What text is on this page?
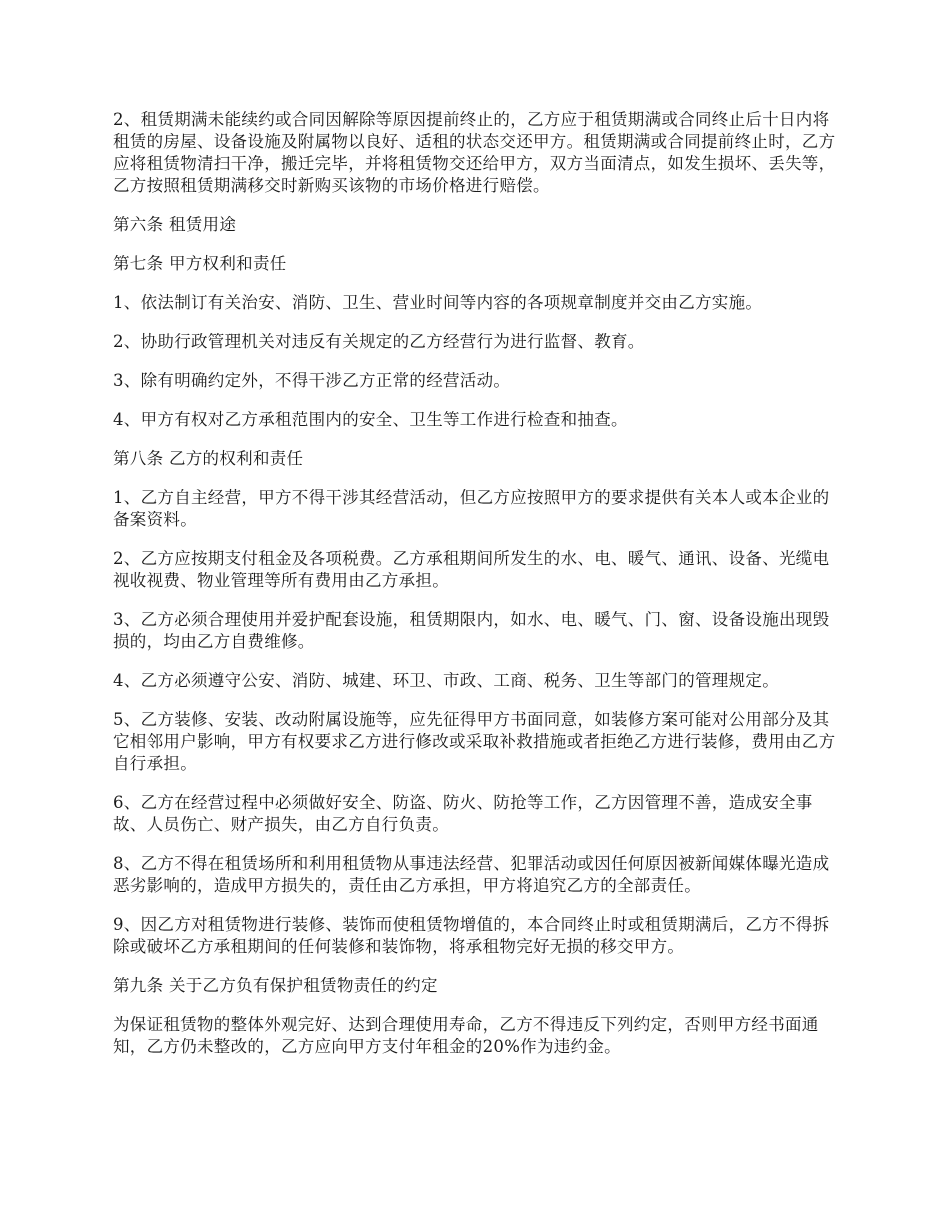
2、租赁期满未能续约或合同因解除等原因提前终止的，乙方应于租赁期满或合同终止后十日内将租赁的房屋、设备设施及附属物以良好、适租的状态交还甲方。租赁期满或合同提前终止时，乙方应将租赁物清扫干净，搬迁完毕，并将租赁物交还给甲方，双方当面清点，如发生损坏、丢失等，乙方按照租赁期满移交时新购买该物的市场价格进行赔偿。

第六条 租赁用途

第七条 甲方权利和责任

1、依法制订有关治安、消防、卫生、营业时间等内容的各项规章制度并交由乙方实施。

2、协助行政管理机关对违反有关规定的乙方经营行为进行监督、教育。

3、除有明确约定外，不得干涉乙方正常的经营活动。

4、甲方有权对乙方承租范围内的安全、卫生等工作进行检查和抽查。

第八条 乙方的权利和责任

1、乙方自主经营，甲方不得干涉其经营活动，但乙方应按照甲方的要求提供有关本人或本企业的备案资料。

2、乙方应按期支付租金及各项税费。乙方承租期间所发生的水、电、暖气、通讯、设备、光缆电视收视费、物业管理等所有费用由乙方承担。

3、乙方必须合理使用并爱护配套设施，租赁期限内，如水、电、暖气、门、窗、设备设施出现毁损的，均由乙方自费维修。

4、乙方必须遵守公安、消防、城建、环卫、市政、工商、税务、卫生等部门的管理规定。

5、乙方装修、安装、改动附属设施等，应先征得甲方书面同意，如装修方案可能对公用部分及其它相邻用户影响，甲方有权要求乙方进行修改或采取补救措施或者拒绝乙方进行装修，费用由乙方自行承担。

6、乙方在经营过程中必须做好安全、防盗、防火、防抢等工作，乙方因管理不善，造成安全事故、人员伤亡、财产损失，由乙方自行负责。

8、乙方不得在租赁场所和利用租赁物从事违法经营、犯罪活动或因任何原因被新闻媒体曝光造成恶劣影响的，造成甲方损失的，责任由乙方承担，甲方将追究乙方的全部责任。

9、因乙方对租赁物进行装修、装饰而使租赁物增值的，本合同终止时或租赁期满后，乙方不得拆除或破坏乙方承租期间的任何装修和装饰物，将承租物完好无损的移交甲方。

第九条 关于乙方负有保护租赁物责任的约定

为保证租赁物的整体外观完好、达到合理使用寿命，乙方不得违反下列约定，否则甲方经书面通知，乙方仍未整改的，乙方应向甲方支付年租金的20%作为违约金。
